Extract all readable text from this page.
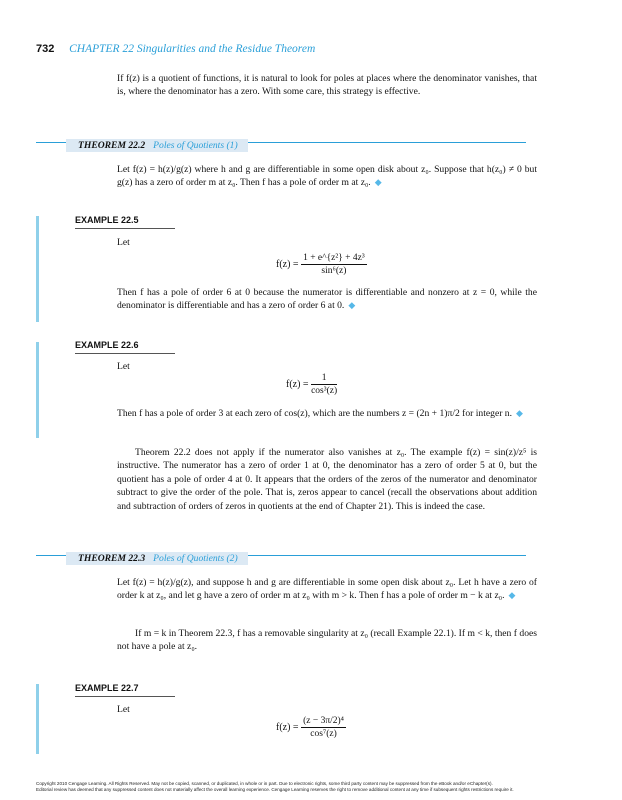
732 CHAPTER 22 Singularities and the Residue Theorem
If f(z) is a quotient of functions, it is natural to look for poles at places where the denominator vanishes, that is, where the denominator has a zero. With some care, this strategy is effective.
THEOREM 22.2 Poles of Quotients (1)
Let f(z) = h(z)/g(z) where h and g are differentiable in some open disk about z₀. Suppose that h(z₀) ≠ 0 but g(z) has a zero of order m at z₀. Then f has a pole of order m at z₀. ◆
EXAMPLE 22.5
Let
$f(z) = \frac{\text{1 + e\textasciicircum{}\{z²\} + 4z³}}{\text{sin⁶(z)}}$
Then f has a pole of order 6 at 0 because the numerator is differentiable and nonzero at z = 0, while the denominator is differentiable and has a zero of order 6 at 0. ◆
EXAMPLE 22.6
Let
$f(z) = \frac{1}{\text{cos³(z)}}$
Then f has a pole of order 3 at each zero of cos(z), which are the numbers z = (2n + 1)π/2 for integer n. ◆
Theorem 22.2 does not apply if the numerator also vanishes at z₀. The example f(z) = sin(z)/z⁵ is instructive. The numerator has a zero of order 1 at 0, the denominator has a zero of order 5 at 0, but the quotient has a pole of order 4 at 0. It appears that the orders of the zeros of the numerator and denominator subtract to give the order of the pole. That is, zeros appear to cancel (recall the observations about addition and subtraction of orders of zeros in quotients at the end of Chapter 21). This is indeed the case.
THEOREM 22.3 Poles of Quotients (2)
Let f(z) = h(z)/g(z), and suppose h and g are differentiable in some open disk about z₀. Let h have a zero of order k at z₀, and let g have a zero of order m at z₀ with m > k. Then f has a pole of order m − k at z₀. ◆
If m = k in Theorem 22.3, f has a removable singularity at z₀ (recall Example 22.1). If m < k, then f does not have a pole at z₀.
EXAMPLE 22.7
Let
$f(z) = \frac{\text{(z − 3π/2)⁴}}{\text{cos⁷(z)}}$
Copyright 2010 Cengage Learning. All Rights Reserved. May not be copied, scanned, or duplicated, in whole or in part. Due to electronic rights, some third party content may be suppressed from the eBook and/or eChapter(s).
Editorial review has deemed that any suppressed content does not materially affect the overall learning experience. Cengage Learning reserves the right to remove additional content at any time if subsequent rights restrictions require it.
